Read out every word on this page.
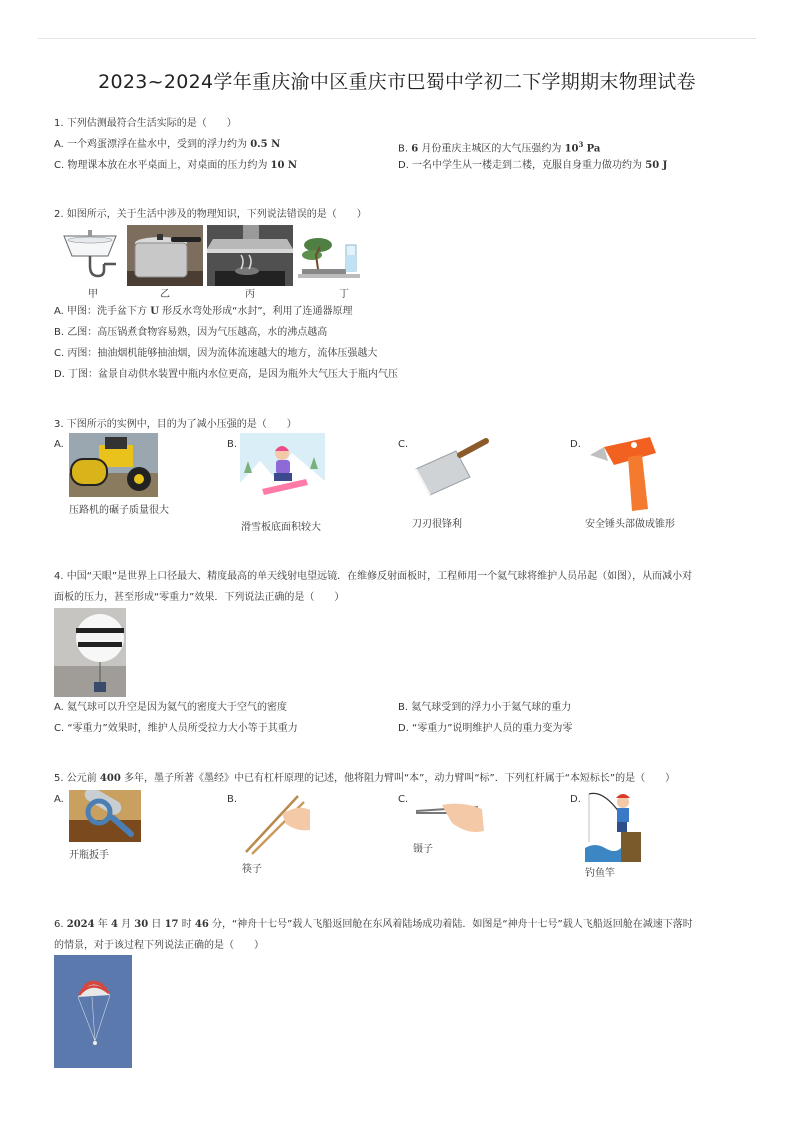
2023~2024学年重庆渝中区重庆市巴蜀中学初二下学期期末物理试卷
1. 下列估测最符合生活实际的是（　　）
A. 一个鸡蛋漂浮在盐水中，受到的浮力约为 0.5 N	B. 6 月份重庆主城区的大气压强约为 $10^3$ Pa
C. 物理课本放在水平桌面上，对桌面的压力约为 10 N	D. 一名中学生从一楼走到二楼，克服自身重力做功约为 50 J
2. 如图所示，关于生活中涉及的物理知识，下列说法错误的是（　　）
甲	乙	丙	丁
A. 甲图：洗手盆下方 U 形反水弯处形成“水封”，利用了连通器原理
B. 乙图：高压锅煮食物容易熟，因为气压越高，水的沸点越高
C. 丙图：抽油烟机能够抽油烟，因为流体流速越大的地方，流体压强越大
D. 丁图：盆景自动供水装置中瓶内水位更高，是因为瓶外大气压大于瓶内气压
3. 下图所示的实例中，目的为了减小压强的是（　　）
A.	B.	C.	D.
压路机的碾子质量很大
滑雪板底面积较大	刀刃很锋利	安全锤头部做成锥形
4. 中国“天眼”是世界上口径最大、精度最高的单天线射电望远镜．在维修反射面板时，工程师用一个氦气球将维护人员吊起（如图），从而减小对
面板的压力，甚至形成“零重力”效果．下列说法正确的是（　　）
A. 氦气球可以升空是因为氦气的密度大于空气的密度	B. 氦气球受到的浮力小于氦气球的重力
C. “零重力”效果时，维护人员所受拉力大小等于其重力	D. “零重力”说明维护人员的重力变为零
5. 公元前 400 多年，墨子所著《墨经》中已有杠杆原理的记述，他将阻力臂叫“本”，动力臂叫“标”．下列杠杆属于“本短标长”的是（　　）
A.	B.	C.	D.
开瓶扳手
筷子
镊子
钓鱼竿
6. 2024 年 4 月 30 日 17 时 46 分，“神舟十七号”载人飞船返回舱在东风着陆场成功着陆．如图是“神舟十七号”载人飞船返回舱在减速下落时
的情景，对于该过程下列说法正确的是（　　）
